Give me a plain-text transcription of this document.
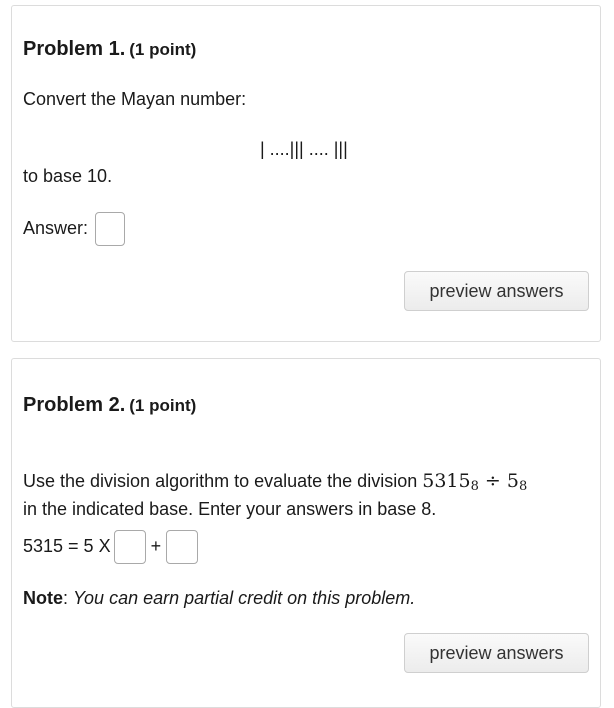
Problem 1. (1 point)
Convert the Mayan number:
| ....||| .... |||
to base 10.
Answer:
preview answers
Problem 2. (1 point)
Use the division algorithm to evaluate the division $5315_8 \div 5_8$
in the indicated base. Enter your answers in base 8.
5315 = 5 X +
Note: You can earn partial credit on this problem.
preview answers
